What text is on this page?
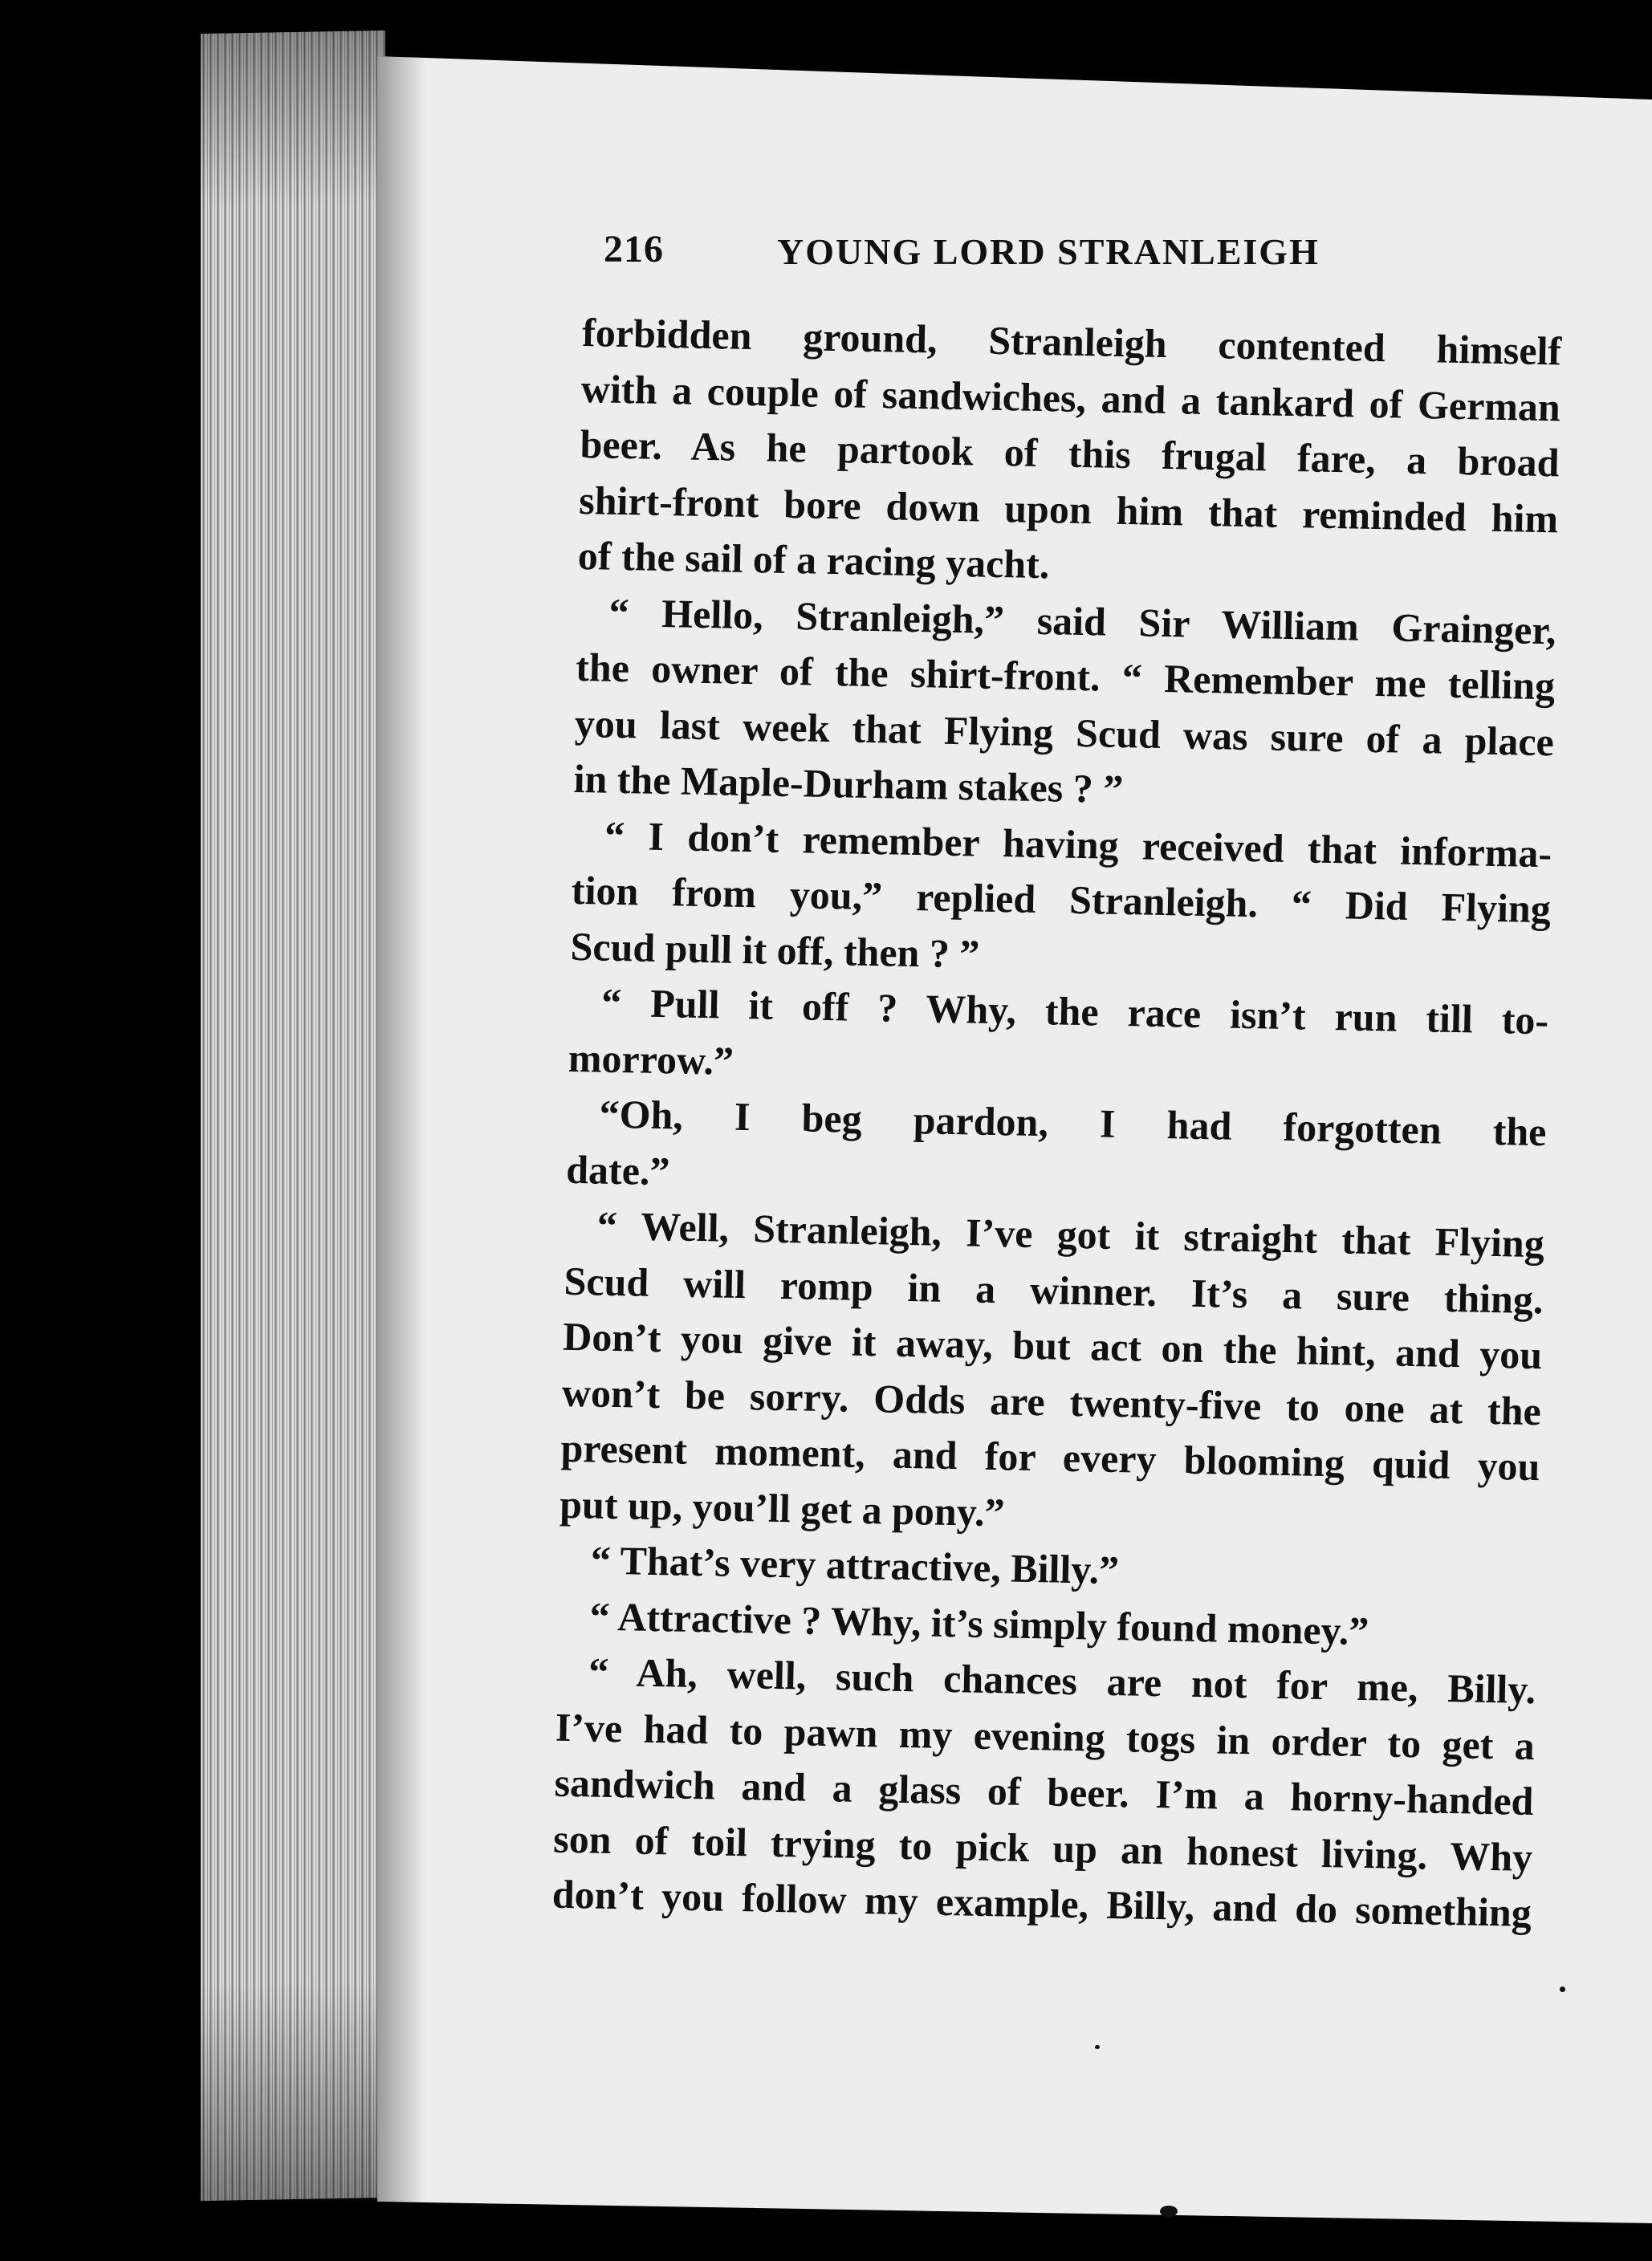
216	YOUNG LORD STRANLEIGH
forbidden ground, Stranleigh contented himself
with a couple of sandwiches, and a tankard of German
beer. As he partook of this frugal fare, a broad
shirt-front bore down upon him that reminded him
of the sail of a racing yacht.
“ Hello, Stranleigh,” said Sir William Grainger,
the owner of the shirt-front. “ Remember me telling
you last week that Flying Scud was sure of a place
in the Maple-Durham stakes ? ”
“ I don’t remember having received that informa-
tion from you,” replied Stranleigh. “ Did Flying
Scud pull it off, then ? ”
“ Pull it off ? Why, the race isn’t run till to-
morrow.”
“Oh, I beg pardon, I had forgotten the
date.”
“ Well, Stranleigh, I’ve got it straight that Flying
Scud will romp in a winner. It’s a sure thing.
Don’t you give it away, but act on the hint, and you
won’t be sorry. Odds are twenty-five to one at the
present moment, and for every blooming quid you
put up, you’ll get a pony.”
“ That’s very attractive, Billy.”
“ Attractive ? Why, it’s simply found money.”
“ Ah, well, such chances are not for me, Billy.
I’ve had to pawn my evening togs in order to get a
sandwich and a glass of beer. I’m a horny-handed
son of toil trying to pick up an honest living. Why
don’t you follow my example, Billy, and do something
